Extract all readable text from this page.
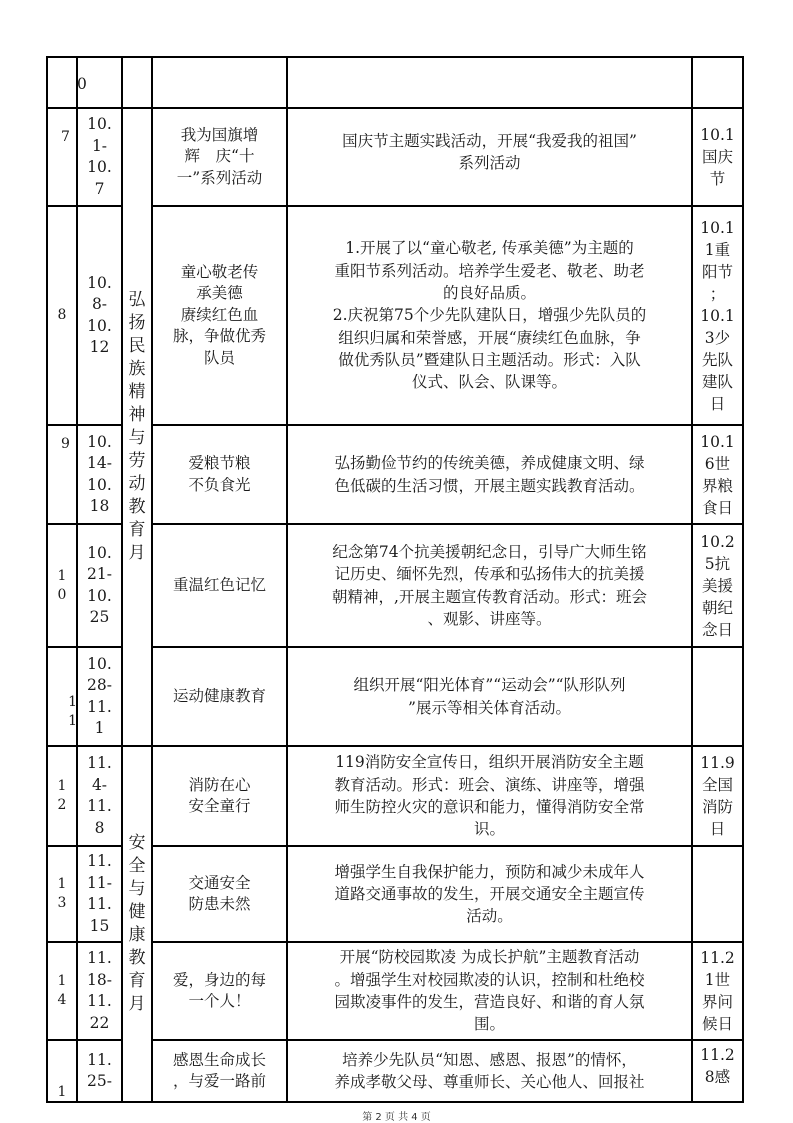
0
7
10.
1-
10.
7
我为国旗增
辉　庆“十
一”系列活动
国庆节主题实践活动，开展“我爱我的祖国”
系列活动
10.1
国庆
节
8
10.
8-
10.
12
童心敬老传
承美德
赓续红色血
脉，争做优秀
队员
1.开展了以“童心敬老, 传承美德”为主题的
重阳节系列活动。培养学生爱老、敬老、助老
的良好品质。
2.庆祝第75个少先队建队日，增强少先队员的
组织归属和荣誉感，开展“赓续红色血脉，争
做优秀队员”暨建队日主题活动。形式：入队
仪式、队会、队课等。
10.1
1重
阳节
；
10.1
3少
先队
建队
日
9	10.
14-
10.
18
爱粮节粮
不负食光
弘扬勤俭节约的传统美德，养成健康文明、绿
色低碳的生活习惯，开展主题实践教育活动。
10.1
6世
界粮
食日
1
0
10.
21-
10.
25
重温红色记忆
纪念第74个抗美援朝纪念日，引导广大师生铭
记历史、缅怀先烈，传承和弘扬伟大的抗美援
朝精神，,开展主题宣传教育活动。形式：班会
、观影、讲座等。
10.2
5抗
美援
朝纪
念日
1
1
10.
28-
11.
1
运动健康教育
组织开展“阳光体育”“运动会”“队形队列
”展示等相关体育活动。
1
2
11.
4-
11.
8
消防在心
安全童行
119消防安全宣传日，组织开展消防安全主题
教育活动。形式：班会、演练、讲座等，增强
师生防控火灾的意识和能力，懂得消防安全常
识。
11.9
全国
消防
日
1
3
11.
11-
11.
15
交通安全
防患未然
增强学生自我保护能力，预防和减少未成年人
道路交通事故的发生，开展交通安全主题宣传
活动。
1
4
11.
18-
11.
22
爱，身边的每
一个人！
开展“防校园欺凌 为成长护航”主题教育活动
。增强学生对校园欺凌的认识，控制和杜绝校
园欺凌事件的发生，营造良好、和谐的育人氛
围。
11.2
1世
界问
候日
1
11.
25-
感恩生命成长
，与爱一路前
培养少先队员“知恩、感恩、报恩”的情怀，
养成孝敬父母、尊重师长、关心他人、回报社
11.2
8感
弘
扬
民
族
精
神
与
劳
动
教
育
月
安
全
与
健
康
教
育
月
第 2 页 共 4 页
